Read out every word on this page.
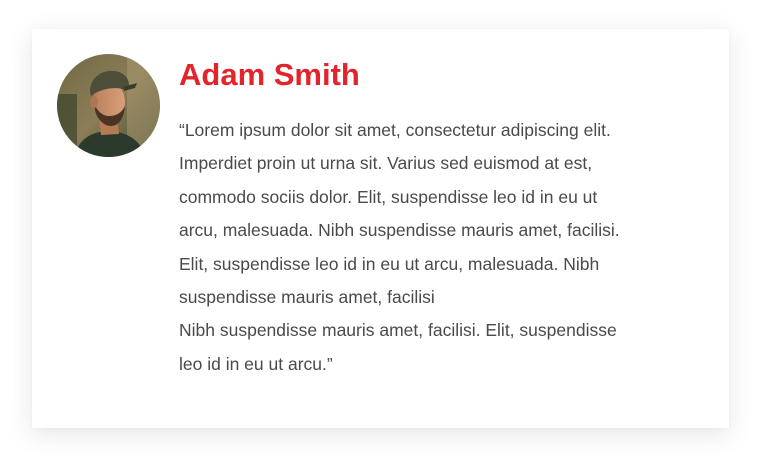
Adam Smith

“Lorem ipsum dolor sit amet, consectetur adipiscing elit.
Imperdiet proin ut urna sit. Varius sed euismod at est,
commodo sociis dolor. Elit, suspendisse leo id in eu ut
arcu, malesuada. Nibh suspendisse mauris amet, facilisi.
Elit, suspendisse leo id in eu ut arcu, malesuada. Nibh
suspendisse mauris amet, facilisi
Nibh suspendisse mauris amet, facilisi. Elit, suspendisse
leo id in eu ut arcu.”
